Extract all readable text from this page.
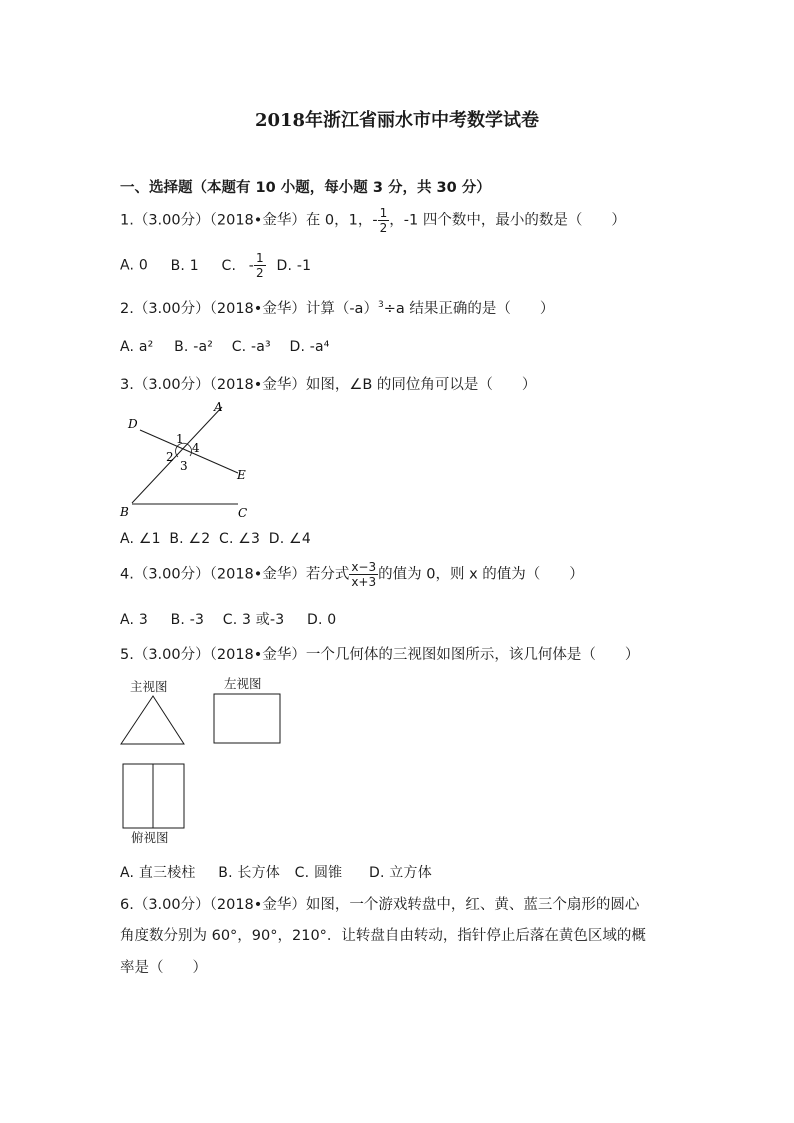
2018年浙江省丽水市中考数学试卷
一、选择题（本题有 10 小题，每小题 3 分，共 30 分）
1.（3.00分）（2018•金华）在 0，1，- $\frac{1}{2}$ ，-1 四个数中，最小的数是（　　）
A. 0 B. 1 C. - $\frac{1}{2} D$. -1
2.（3.00分）（2018•金华）计算$(-a)^3\div a$ 结果正确的是（　　）
A. a² B. -a² C. -a³ D. -a⁴
3.（3.00分）（2018•金华）如图，∠B 的同位角可以是（　　）
A
D
E
B	C
1
2
3
4
A. ∠1 B. ∠2 C. ∠3 D. ∠4
4.（3.00分）（2018•金华）若分式 $\frac{x-3}{x+3}$ 的值为 0，则 x 的值为（　　）
A. 3 B. -3 C. 3 或-3 D. 0
5.（3.00分）（2018•金华）一个几何体的三视图如图所示，该几何体是（　　）
主视图	左视图
俯视图
A. 直三棱柱 B. 长方体 C. 圆锥 D. 立方体
6.（3.00分）（2018•金华）如图，一个游戏转盘中，红、黄、蓝三个扇形的圆心
角度数分别为 60°，90°，210°．让转盘自由转动，指针停止后落在黄色区域的概
率是（　　）
